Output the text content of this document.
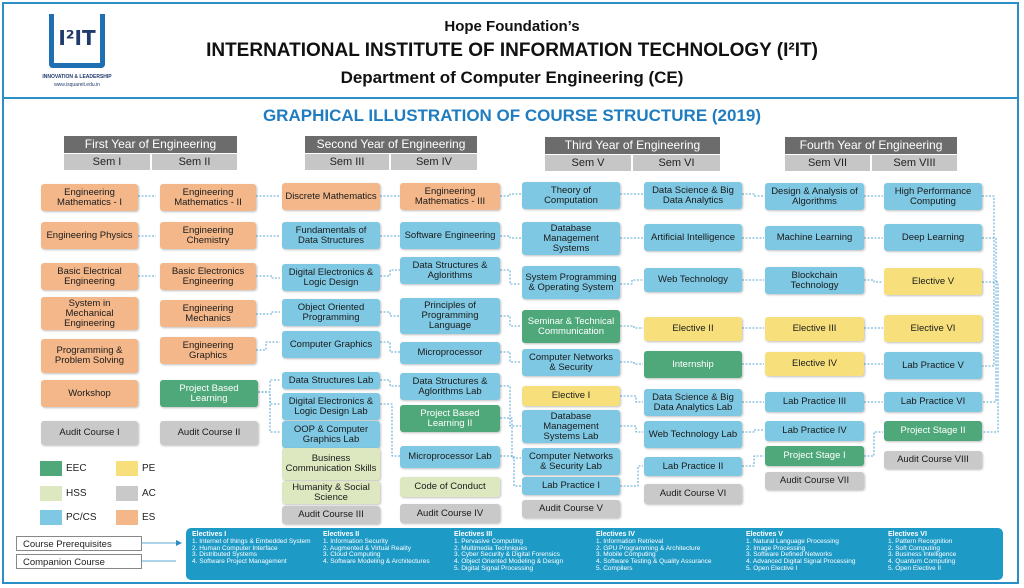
I²IT
INNOVATION & LEADERSHIP
www.isquareit.edu.in
Hope Foundation’s
INTERNATIONAL INSTITUTE OF INFORMATION TECHNOLOGY (I²IT)
Department of Computer Engineering (CE)
GRAPHICAL ILLUSTRATION OF COURSE STRUCTURE (2019)
First Year of Engineering
Sem I	Sem II
Second Year of Engineering
Sem III	Sem IV
Third Year of Engineering
Sem V	Sem VI
Fourth Year of Engineering
Sem VII	Sem VIII
Engineering Mathematics - I
Engineering Physics
Basic Electrical Engineering
System in Mechanical Engineering
Programming & Problem Solving
Workshop
Audit Course I
Engineering Mathematics - II
Engineering Chemistry
Basic Electronics Engineering
Engineering Mechanics
Engineering Graphics
Project Based Learning
Audit Course II
Discrete Mathematics
Fundamentals of Data Structures
Digital Electronics & Logic Design
Object Oriented Programming
Computer Graphics
Data Structures Lab
Digital Electronics & Logic Design Lab
OOP & Computer Graphics Lab
Business Communication Skills
Humanity & Social Science
Audit Course III
Engineering Mathematics - III
Software Engineering
Data Structures & Aglorithms
Principles of Programming Language
Microprocessor
Data Structures & Aglorithms Lab
Project Based Learning II
Microprocessor Lab
Code of Conduct
Audit Course IV
Theory of Computation
Database Management Systems
System Programming & Operating System
Seminar & Technical Communication
Computer Networks & Security
Elective I
Database Management Systems Lab
Computer Networks & Security Lab
Lab Practice I
Audit Course V
Data Science & Big Data Analytics
Artificial Intelligence
Web Technology
Elective II
Internship
Data Science & Big Data Analytics Lab
Web Technology Lab
Lab Practice II
Audit Course VI
Design & Analysis of Algorithms
Machine Learning
Blockchain Technology
Elective III
Elective IV
Lab Practice III
Lab Practice IV
Project Stage I
Audit Course VII
High Performance Computing
Deep Learning
Elective V
Elective VI
Lab Practice V
Lab Practice VI
Project Stage II
Audit Course VIII
EEC	PE
HSS	AC
PC/CS	ES
Course Prerequisites
Companion Course
Electives I
1. Internet of things & Embedded System
2. Human Computer Interface
3. Distributed Systems
4. Software Project Management
Electives II
1. Information Security
2. Augmented & Virtual Reality
3. Cloud Computing
4. Software Modeling & Architectures
Electives III
1. Pervasive Computing
2. Multimedia Techniques
3. Cyber Security & Digital Forensics
4. Object Oriented Modeling & Design
5. Digital Signal Processing
Electives IV
1. Information Retrieval
2. GPU Programming & Architecture
3. Mobile Computing
4. Software Testing & Quality Assurance
5. Compilers
Electives V
1. Natural Language Processing
2. Image Processing
3. Software Defined Networks
4. Advanced Digital Signal Processing
5. Open Elective I
Electives VI
1. Pattern Recognition
2. Soft Computing
3. Business Intelligence
4. Quantum Computing
5. Open Elective II
